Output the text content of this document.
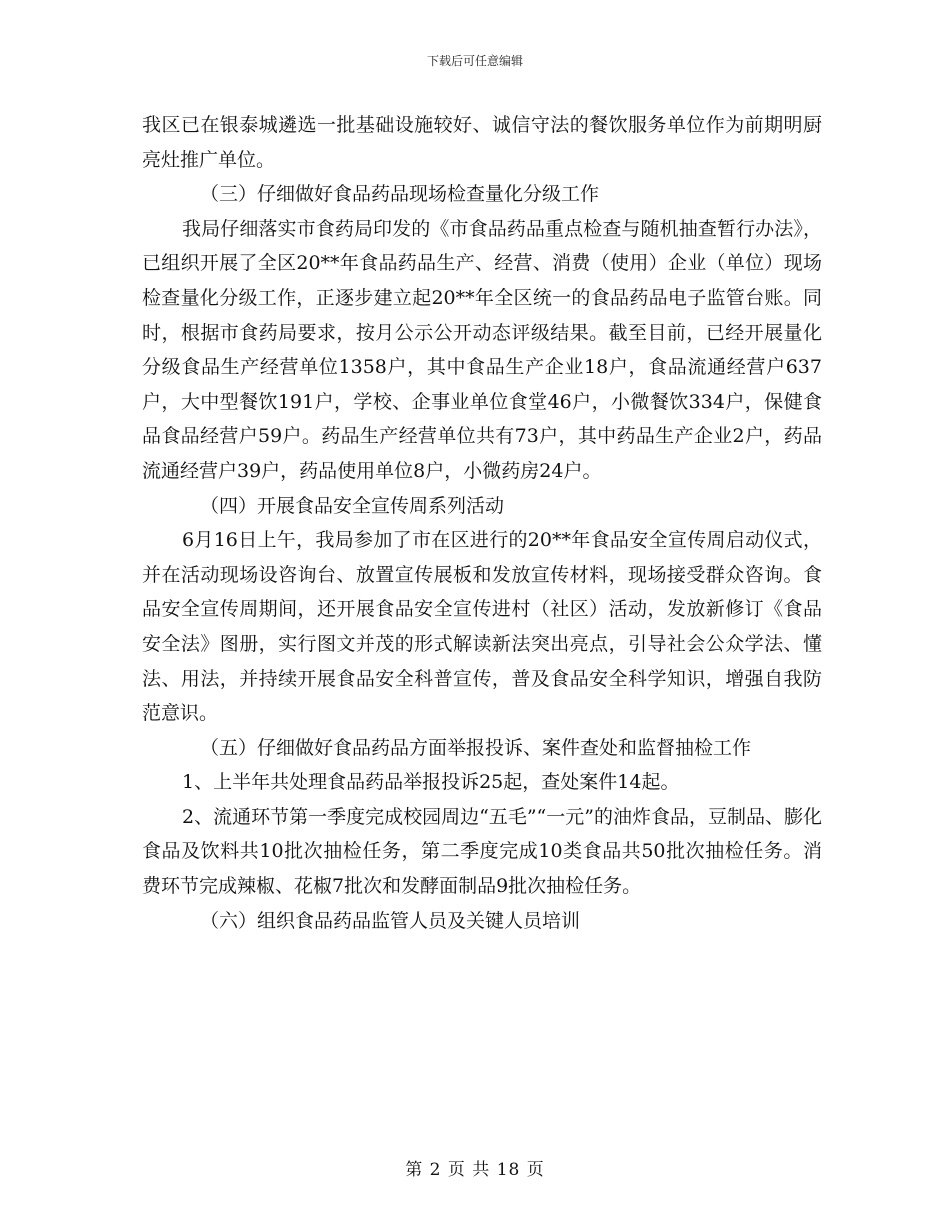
下载后可任意编辑

我区已在银泰城遴选一批基础设施较好、诚信守法的餐饮服务单位作为前期明厨亮灶推广单位。

（三）仔细做好食品药品现场检查量化分级工作

我局仔细落实市食药局印发的《市食品药品重点检查与随机抽查暂行办法》，已组织开展了全区20**年食品药品生产、经营、消费（使用）企业（单位）现场检查量化分级工作，正逐步建立起20**年全区统一的食品药品电子监管台账。同时，根据市食药局要求，按月公示公开动态评级结果。截至目前，已经开展量化分级食品生产经营单位1358户，其中食品生产企业18户，食品流通经营户637户，大中型餐饮191户，学校、企事业单位食堂46户，小微餐饮334户，保健食品食品经营户59户。药品生产经营单位共有73户，其中药品生产企业2户，药品流通经营户39户，药品使用单位8户，小微药房24户。

（四）开展食品安全宣传周系列活动

6月16日上午，我局参加了市在区进行的20**年食品安全宣传周启动仪式，并在活动现场设咨询台、放置宣传展板和发放宣传材料，现场接受群众咨询。食品安全宣传周期间，还开展食品安全宣传进村（社区）活动，发放新修订《食品安全法》图册，实行图文并茂的形式解读新法突出亮点，引导社会公众学法、懂法、用法，并持续开展食品安全科普宣传，普及食品安全科学知识，增强自我防范意识。

（五）仔细做好食品药品方面举报投诉、案件查处和监督抽检工作

1、上半年共处理食品药品举报投诉25起，查处案件14起。

2、流通环节第一季度完成校园周边“五毛”“一元”的油炸食品，豆制品、膨化食品及饮料共10批次抽检任务，第二季度完成10类食品共50批次抽检任务。消费环节完成辣椒、花椒7批次和发酵面制品9批次抽检任务。

（六）组织食品药品监管人员及关键人员培训

第 2 页 共 18 页
